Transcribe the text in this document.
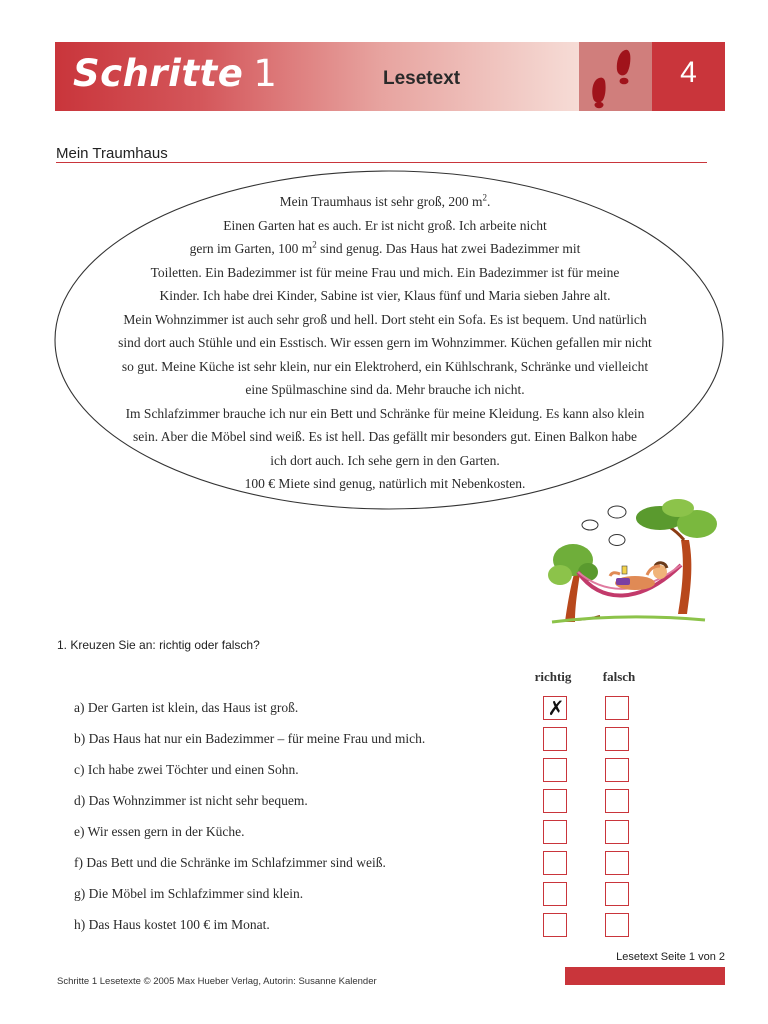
Schritte 1	Lesetext	4
Mein Traumhaus
Mein Traumhaus ist sehr groß, 200 $m^2$.
Einen Garten hat es auch. Er ist nicht groß. Ich arbeite nicht
gern im Garten, 100 $m^2$ sind genug. Das Haus hat zwei Badezimmer mit
Toiletten. Ein Badezimmer ist für meine Frau und mich. Ein Badezimmer ist für meine
Kinder. Ich habe drei Kinder, Sabine ist vier, Klaus fünf und Maria sieben Jahre alt.
Mein Wohnzimmer ist auch sehr groß und hell. Dort steht ein Sofa. Es ist bequem. Und natürlich
sind dort auch Stühle und ein Esstisch. Wir essen gern im Wohnzimmer. Küchen gefallen mir nicht
so gut. Meine Küche ist sehr klein, nur ein Elektroherd, ein Kühlschrank, Schränke und vielleicht
eine Spülmaschine sind da. Mehr brauche ich nicht.
Im Schlafzimmer brauche ich nur ein Bett und Schränke für meine Kleidung. Es kann also klein
sein. Aber die Möbel sind weiß. Es ist hell. Das gefällt mir besonders gut. Einen Balkon habe
ich dort auch. Ich sehe gern in den Garten.
100 € Miete sind genug, natürlich mit Nebenkosten.
1. Kreuzen Sie an: richtig oder falsch?
richtig	falsch
a) Der Garten ist klein, das Haus ist groß.	✗
b) Das Haus hat nur ein Badezimmer – für meine Frau und mich.
c) Ich habe zwei Töchter und einen Sohn.
d) Das Wohnzimmer ist nicht sehr bequem.
e) Wir essen gern in der Küche.
f) Das Bett und die Schränke im Schlafzimmer sind weiß.
g) Die Möbel im Schlafzimmer sind klein.
h) Das Haus kostet 100 € im Monat.
Lesetext Seite 1 von 2
Schritte 1 Lesetexte © 2005 Max Hueber Verlag, Autorin: Susanne Kalender
